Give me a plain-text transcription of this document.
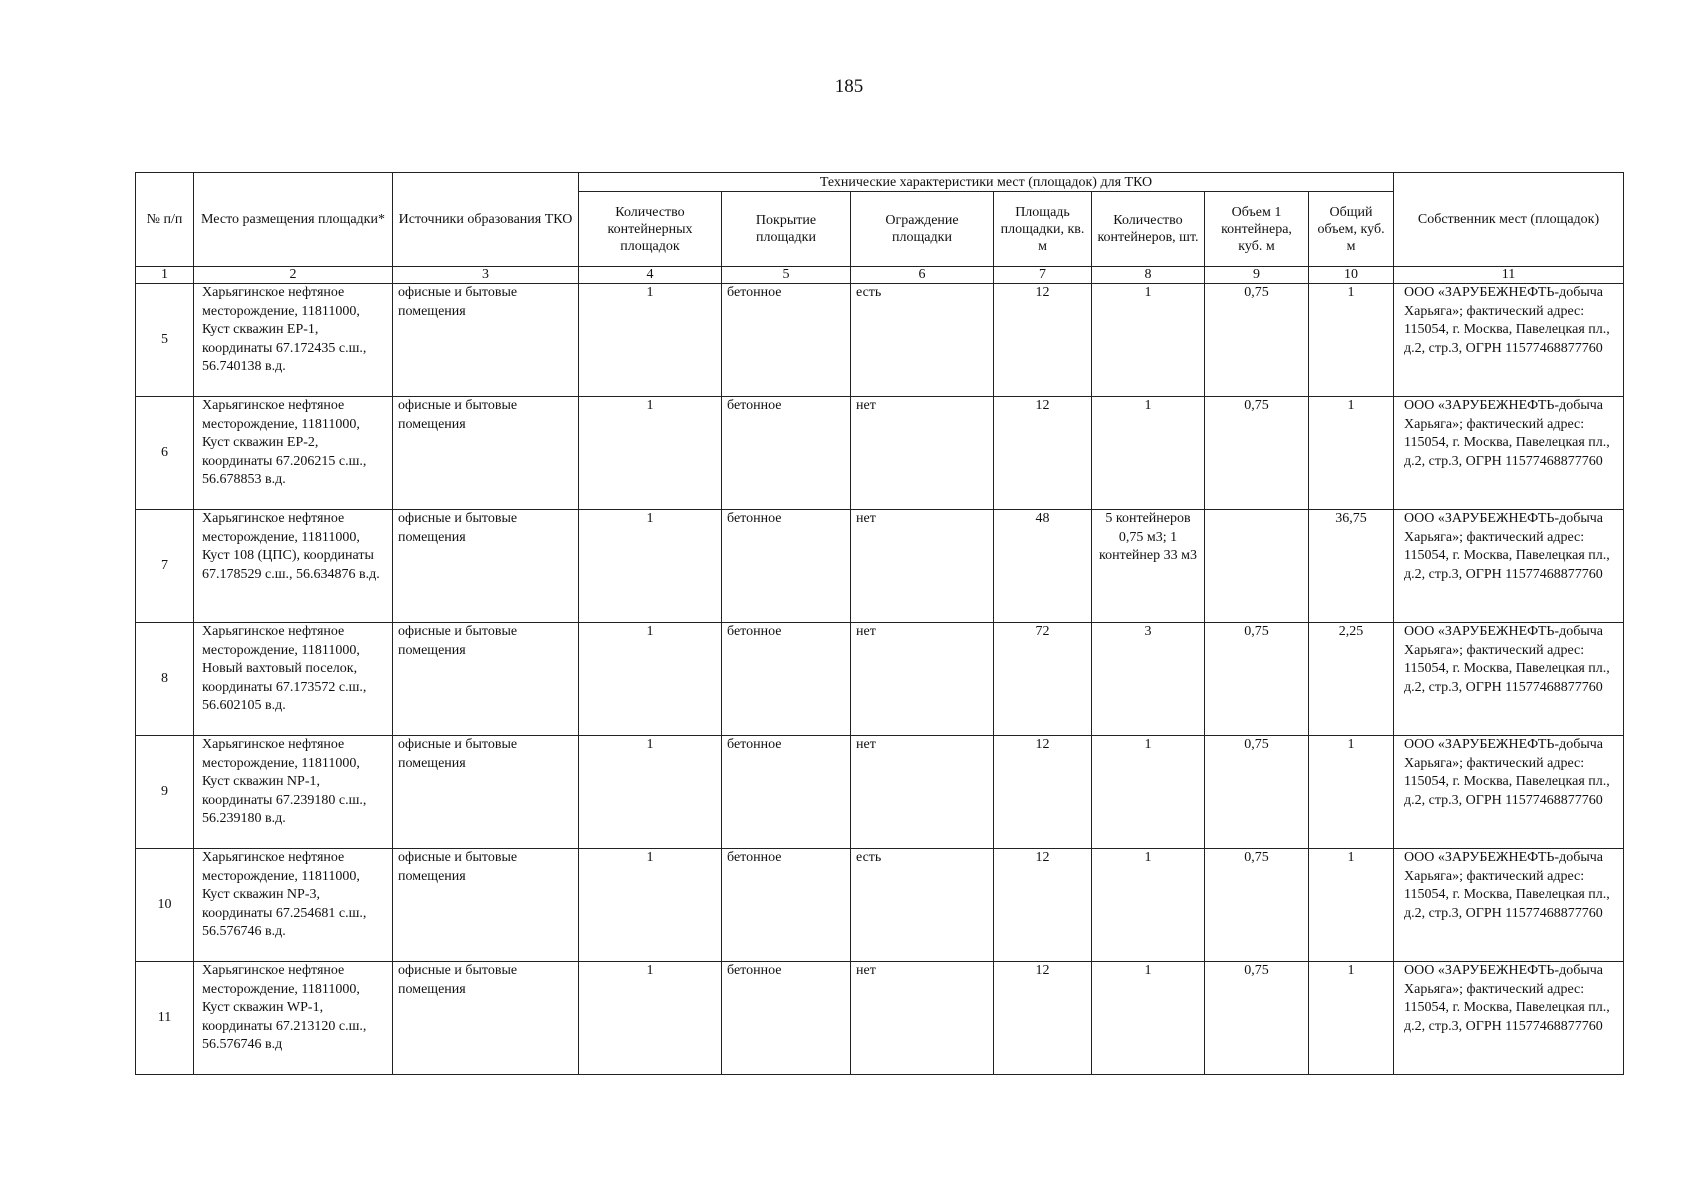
185
№ п/п	Место размещения площадки*	Источники образования ТКО	Технические характеристики мест (площадок) для ТКО							Собственник мест (площадок)
			Количество контейнерных площадок	Покрытие площадки	Ограждение площадки	Площадь площадки, кв. м	Количество контейнеров, шт.	Объем 1 контейнера, куб. м	Общий объем, куб. м	
1	2	3	4	5	6	7	8	9	10	11
5	Харьягинское нефтяное месторождение, 11811000, Куст скважин ЕР-1, координаты 67.172435 с.ш., 56.740138 в.д.	офисные и бытовые помещения	1	бетонное	есть	12	1	0,75	1	ООО «ЗАРУБЕЖНЕФТЬ-добыча Харьяга»; фактический адрес: 115054, г. Москва, Павелецкая пл., д.2, стр.3, ОГРН 11577468877760
6	Харьягинское нефтяное месторождение, 11811000, Куст скважин ЕР-2, координаты 67.206215 с.ш., 56.678853 в.д.	офисные и бытовые помещения	1	бетонное	нет	12	1	0,75	1	ООО «ЗАРУБЕЖНЕФТЬ-добыча Харьяга»; фактический адрес: 115054, г. Москва, Павелецкая пл., д.2, стр.3, ОГРН 11577468877760
7	Харьягинское нефтяное месторождение, 11811000, Куст 108 (ЦПС), координаты 67.178529 с.ш., 56.634876 в.д.	офисные и бытовые помещения	1	бетонное	нет	48	5 контейнеров 0,75 м3; 1 контейнер 33 м3		36,75	ООО «ЗАРУБЕЖНЕФТЬ-добыча Харьяга»; фактический адрес: 115054, г. Москва, Павелецкая пл., д.2, стр.3, ОГРН 11577468877760
8	Харьягинское нефтяное месторождение, 11811000, Новый вахтовый поселок, координаты 67.173572 с.ш., 56.602105 в.д.	офисные и бытовые помещения	1	бетонное	нет	72	3	0,75	2,25	ООО «ЗАРУБЕЖНЕФТЬ-добыча Харьяга»; фактический адрес: 115054, г. Москва, Павелецкая пл., д.2, стр.3, ОГРН 11577468877760
9	Харьягинское нефтяное месторождение, 11811000, Куст скважин NP-1, координаты 67.239180 с.ш., 56.239180 в.д.	офисные и бытовые помещения	1	бетонное	нет	12	1	0,75	1	ООО «ЗАРУБЕЖНЕФТЬ-добыча Харьяга»; фактический адрес: 115054, г. Москва, Павелецкая пл., д.2, стр.3, ОГРН 11577468877760
10	Харьягинское нефтяное месторождение, 11811000, Куст скважин NP-3, координаты 67.254681 с.ш., 56.576746 в.д.	офисные и бытовые помещения	1	бетонное	есть	12	1	0,75	1	ООО «ЗАРУБЕЖНЕФТЬ-добыча Харьяга»; фактический адрес: 115054, г. Москва, Павелецкая пл., д.2, стр.3, ОГРН 11577468877760
11	Харьягинское нефтяное месторождение, 11811000, Куст скважин WP-1, координаты 67.213120 с.ш., 56.576746 в.д	офисные и бытовые помещения	1	бетонное	нет	12	1	0,75	1	ООО «ЗАРУБЕЖНЕФТЬ-добыча Харьяга»; фактический адрес: 115054, г. Москва, Павелецкая пл., д.2, стр.3, ОГРН 11577468877760
